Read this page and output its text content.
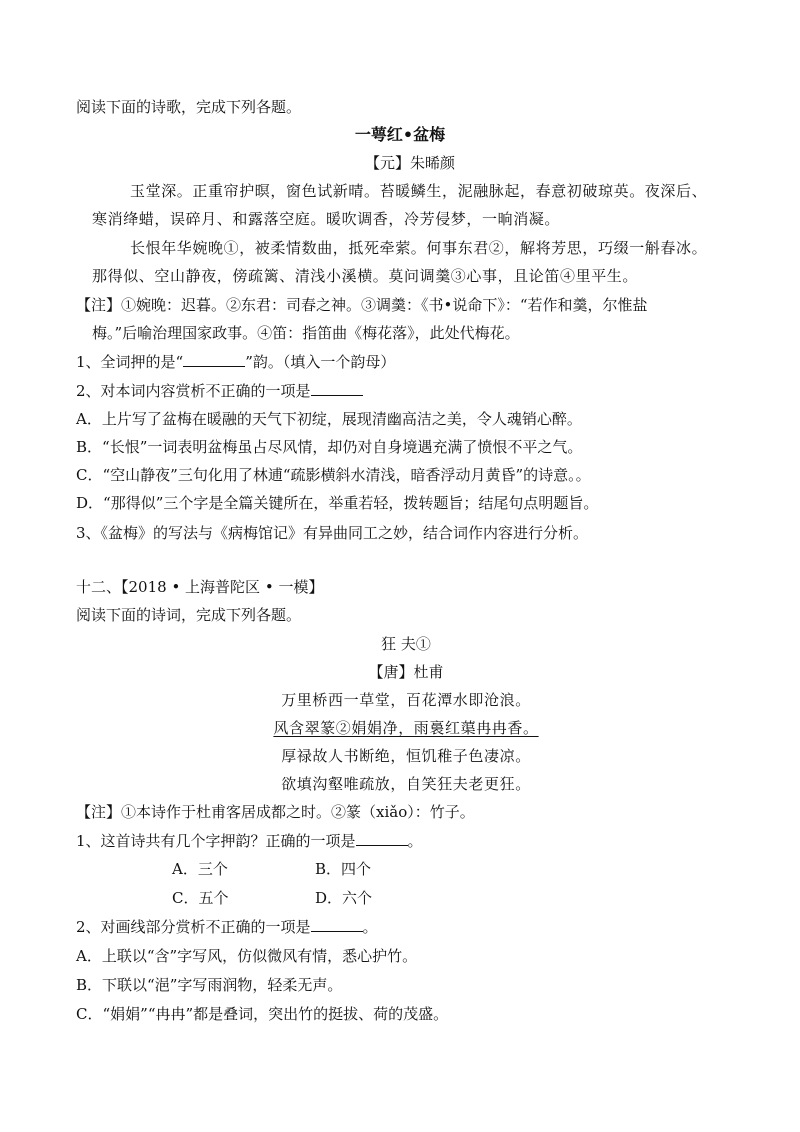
阅读下面的诗歌，完成下列各题。
一萼红•盆梅
【元】朱晞颜
玉堂深。正重帘护暝，窗色试新晴。苔暖鳞生，泥融脉起，春意初破琼英。夜深后、
寒消绛蜡，误碎月、和露落空庭。暖吹调香，冷芳侵梦，一晌消凝。
长恨年华婉晚①，被柔情数曲，抵死牵萦。何事东君②，解将芳思，巧缀一斛春冰。
那得似、空山静夜，傍疏篱、清浅小溪横。莫问调羹③心事，且论笛④里平生。
【注】①婉晚：迟暮。②东君：司春之神。③调羹：《书•说命下》：“若作和羹，尔惟盐
梅。”后喻治理国家政事。④笛：指笛曲《梅花落》，此处代梅花。
1、全词押的是“	”韵。（填入一个韵母）
2、对本词内容赏析不正确的一项是
A．上片写了盆梅在暖融的天气下初绽，展现清幽高洁之美，令人魂销心醉。
B．“长恨”一词表明盆梅虽占尽风情，却仍对自身境遇充满了愤恨不平之气。
C．“空山静夜”三句化用了林逋“疏影横斜水清浅，暗香浮动月黄昏”的诗意。。
D．“那得似”三个字是全篇关键所在，举重若轻，拨转题旨；结尾句点明题旨。
3、《盆梅》的写法与《病梅馆记》有异曲同工之妙，结合词作内容进行分析。
十二、【2018 • 上海普陀区 • 一模】
阅读下面的诗词，完成下列各题。
狂 夫①
【唐】杜甫
万里桥西一草堂，百花潭水即沧浪。
风含翠篆②娟娟净，雨裛红蕖冉冉香。
厚禄故人书断绝，恒饥稚子色凄凉。
欲填沟壑唯疏放，自笑狂夫老更狂。
【注】①本诗作于杜甫客居成都之时。②篆（xiǎo）：竹子。
1、这首诗共有几个字押韵？正确的一项是	。
A．三个	B．四个
C．五个	D．六个
2、对画线部分赏析不正确的一项是	。
A．上联以“含”字写风，仿似微风有情，悉心护竹。
B．下联以“浥”字写雨润物，轻柔无声。
C．“娟娟”“冉冉”都是叠词，突出竹的挺拔、荷的茂盛。
